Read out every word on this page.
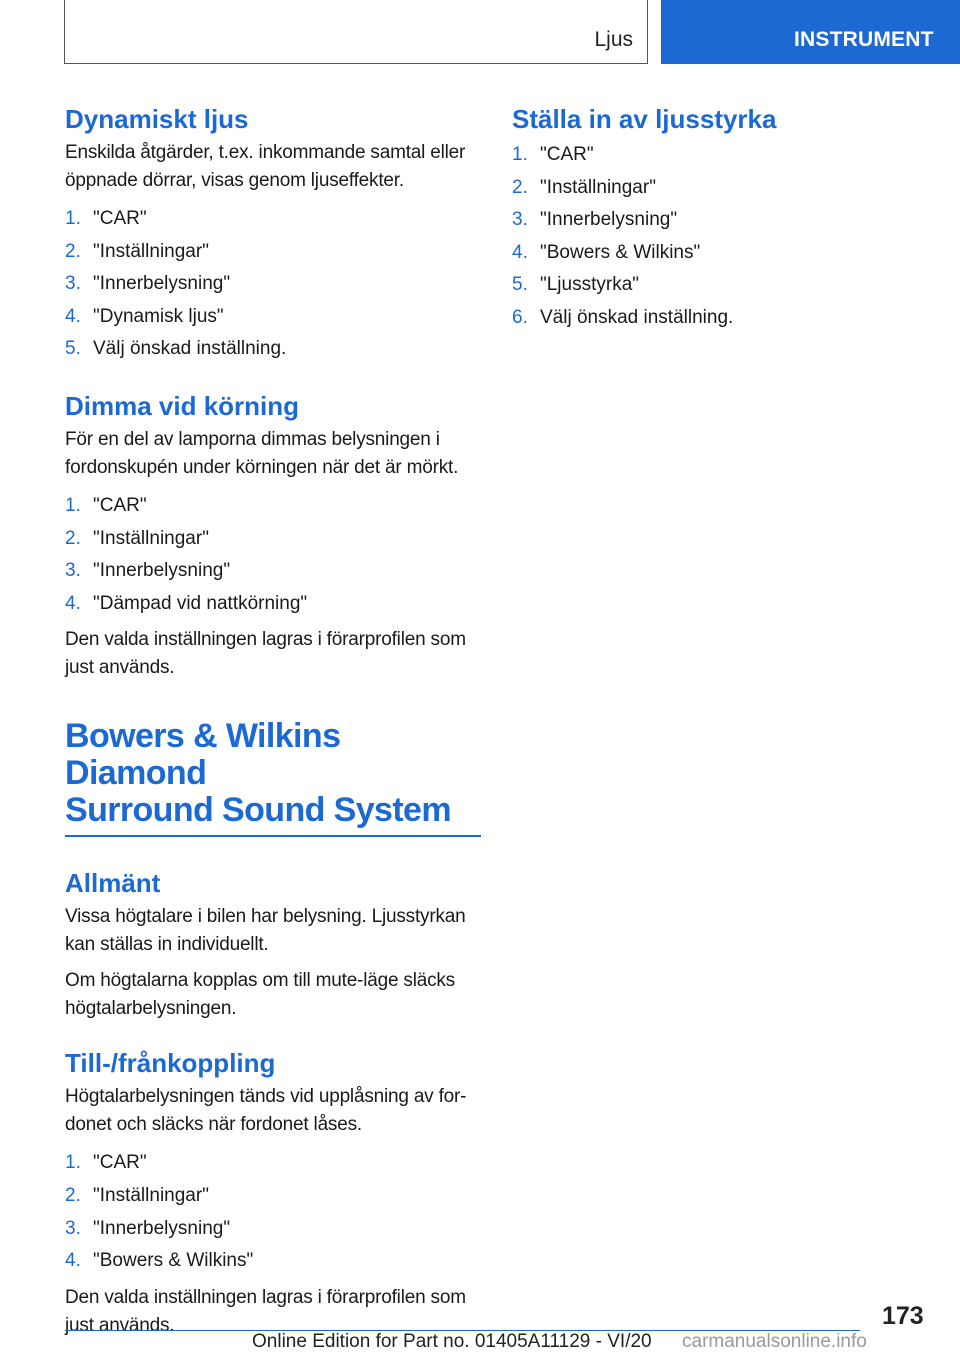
Ljus	INSTRUMENT
Dynamiskt ljus

Enskilda åtgärder, t.ex. inkommande samtal eller öppnade dörrar, visas genom ljuseffekter.

1. "CAR"
2. "Inställningar"
3. "Innerbelysning"
4. "Dynamisk ljus"
5. Välj önskad inställning.
Dimma vid körning

För en del av lamporna dimmas belysningen i fordonskupén under körningen när det är mörkt.

1. "CAR"
2. "Inställningar"
3. "Innerbelysning"
4. "Dämpad vid nattkörning"

Den valda inställningen lagras i förarprofilen som just används.

Bowers & Wilkins Diamond
Surround Sound System
Allmänt

Vissa högtalare i bilen har belysning. Ljusstyrkan kan ställas in individuellt.

Om högtalarna kopplas om till mute-läge släcks högtalarbelysningen.

Till-/frånkoppling

Högtalarbelysningen tänds vid upplåsning av for‐donet och släcks när fordonet låses.

1. "CAR"
2. "Inställningar"
3. "Innerbelysning"
4. "Bowers & Wilkins"

Den valda inställningen lagras i förarprofilen som just används.

Ställa in av ljusstyrka
1. "CAR"
2. "Inställningar"
3. "Innerbelysning"
4. "Bowers & Wilkins"
5. "Ljusstyrka"
6. Välj önskad inställning.
173
Online Edition for Part no. 01405A11129 - VI/20 carmanualsonline.info
